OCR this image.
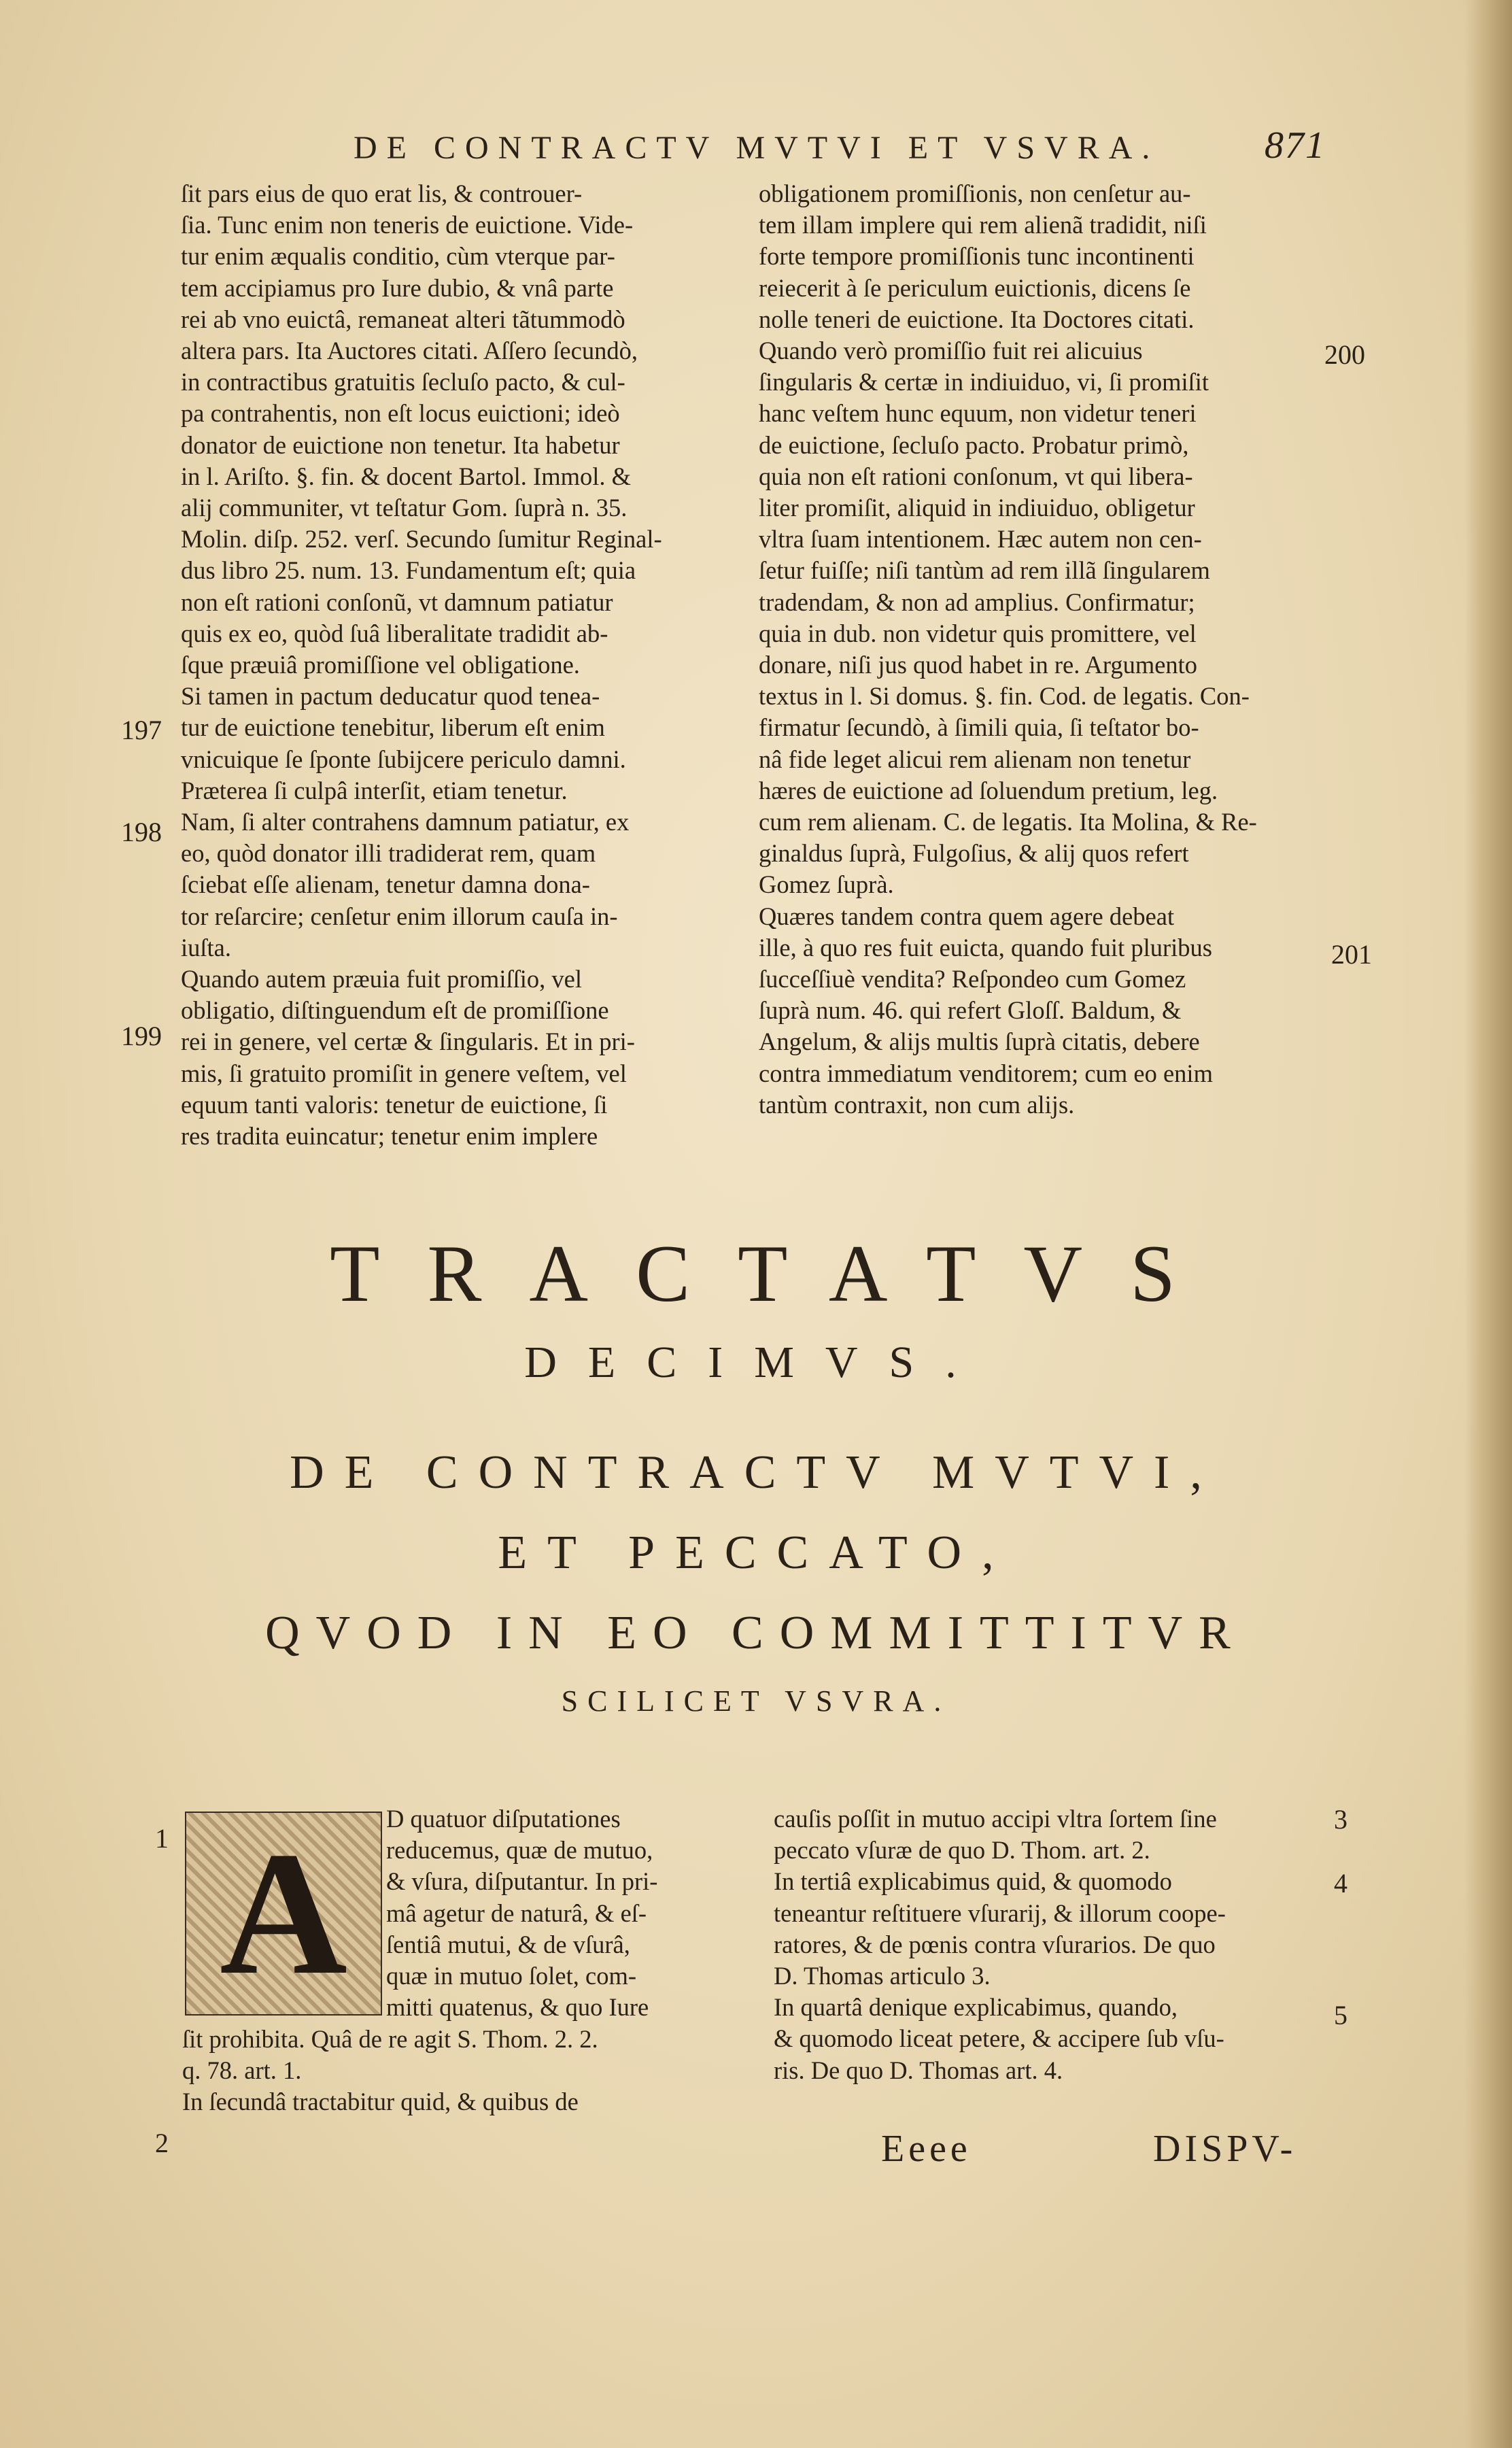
DE CONTRACTV MVTVI ET VSVRA.	871
ſit pars eius de quo erat lis, & controuer-
ſia. Tunc enim non teneris de euictione. Vide-
tur enim æqualis conditio, cùm vterque par-
tem accipiamus pro Iure dubio, & vnâ parte
rei ab vno euictâ, remaneat alteri tãtummodò
altera pars. Ita Auctores citati. Aſſero ſecundò,
in contractibus gratuitis ſecluſo pacto, & cul-
pa contrahentis, non eſt locus euictioni; ideò
donator de euictione non tenetur. Ita habetur
in l. Ariſto. §. fin. & docent Bartol. Immol. &
alij communiter, vt teſtatur Gom. ſuprà n. 35.
Molin. diſp. 252. verſ. Secundo ſumitur Reginal-
dus libro 25. num. 13. Fundamentum eſt; quia
non eſt rationi conſonũ, vt damnum patiatur
quis ex eo, quòd ſuâ liberalitate tradidit ab-
ſque præuiâ promiſſione vel obligatione.
Si tamen in pactum deducatur quod tenea-
tur de euictione tenebitur, liberum eſt enim
vnicuique ſe ſponte ſubijcere periculo damni.
Præterea ſi culpâ interſit, etiam tenetur.
Nam, ſi alter contrahens damnum patiatur, ex
eo, quòd donator illi tradiderat rem, quam
ſciebat eſſe alienam, tenetur damna dona-
tor reſarcire; cenſetur enim illorum cauſa in-
iuſta.
Quando autem præuia fuit promiſſio, vel
obligatio, diſtinguendum eſt de promiſſione
rei in genere, vel certæ & ſingularis. Et in pri-
mis, ſi gratuito promiſit in genere veſtem, vel
equum tanti valoris: tenetur de euictione, ſi
res tradita euincatur; tenetur enim implere
obligationem promiſſionis, non cenſetur au-
tem illam implere qui rem alienã tradidit, niſi
forte tempore promiſſionis tunc incontinenti
reiecerit à ſe periculum euictionis, dicens ſe
nolle teneri de euictione. Ita Doctores citati.
Quando verò promiſſio fuit rei alicuius
ſingularis & certæ in indiuiduo, vi, ſi promiſit
hanc veſtem hunc equum, non videtur teneri
de euictione, ſecluſo pacto. Probatur primò,
quia non eſt rationi conſonum, vt qui libera-
liter promiſit, aliquid in indiuiduo, obligetur
vltra ſuam intentionem. Hæc autem non cen-
ſetur fuiſſe; niſi tantùm ad rem illã ſingularem
tradendam, & non ad amplius. Confirmatur;
quia in dub. non videtur quis promittere, vel
donare, niſi jus quod habet in re. Argumento
textus in l. Si domus. §. fin. Cod. de legatis. Con-
firmatur ſecundò, à ſimili quia, ſi teſtator bo-
nâ fide leget alicui rem alienam non tenetur
hæres de euictione ad ſoluendum pretium, leg.
cum rem alienam. C. de legatis. Ita Molina, & Re-
ginaldus ſuprà, Fulgoſius, & alij quos refert
Gomez ſuprà.
Quæres tandem contra quem agere debeat
ille, à quo res fuit euicta, quando fuit pluribus
ſucceſſiuè vendita? Reſpondeo cum Gomez
ſuprà num. 46. qui refert Gloſſ. Baldum, &
Angelum, & alijs multis ſuprà citatis, debere
contra immediatum venditorem; cum eo enim
tantùm contraxit, non cum alijs.
197
198
199
200
201
TRACTATVS
DECIMVS.
DE CONTRACTV MVTVI,
ET PECCATO,
QVOD IN EO COMMITTITVR
SCILICET VSVRA.
A	D quatuor diſputationes
reducemus, quæ de mutuo,
& vſura, diſputantur. In pri-
mâ agetur de naturâ, & eſ-
ſentiâ mutui, & de vſurâ,
quæ in mutuo ſolet, com-
mitti quatenus, & quo Iure
ſit prohibita. Quâ de re agit S. Thom. 2. 2.
q. 78. art. 1.
In ſecundâ tractabitur quid, & quibus de
cauſis poſſit in mutuo accipi vltra ſortem ſine
peccato vſuræ de quo D. Thom. art. 2.
In tertiâ explicabimus quid, & quomodo
teneantur reſtituere vſurarij, & illorum coope-
ratores, & de pœnis contra vſurarios. De quo
D. Thomas articulo 3.
In quartâ denique explicabimus, quando,
& quomodo liceat petere, & accipere ſub vſu-
ris. De quo D. Thomas art. 4.
1
2
3
4
5
Eeee	DISPV-
